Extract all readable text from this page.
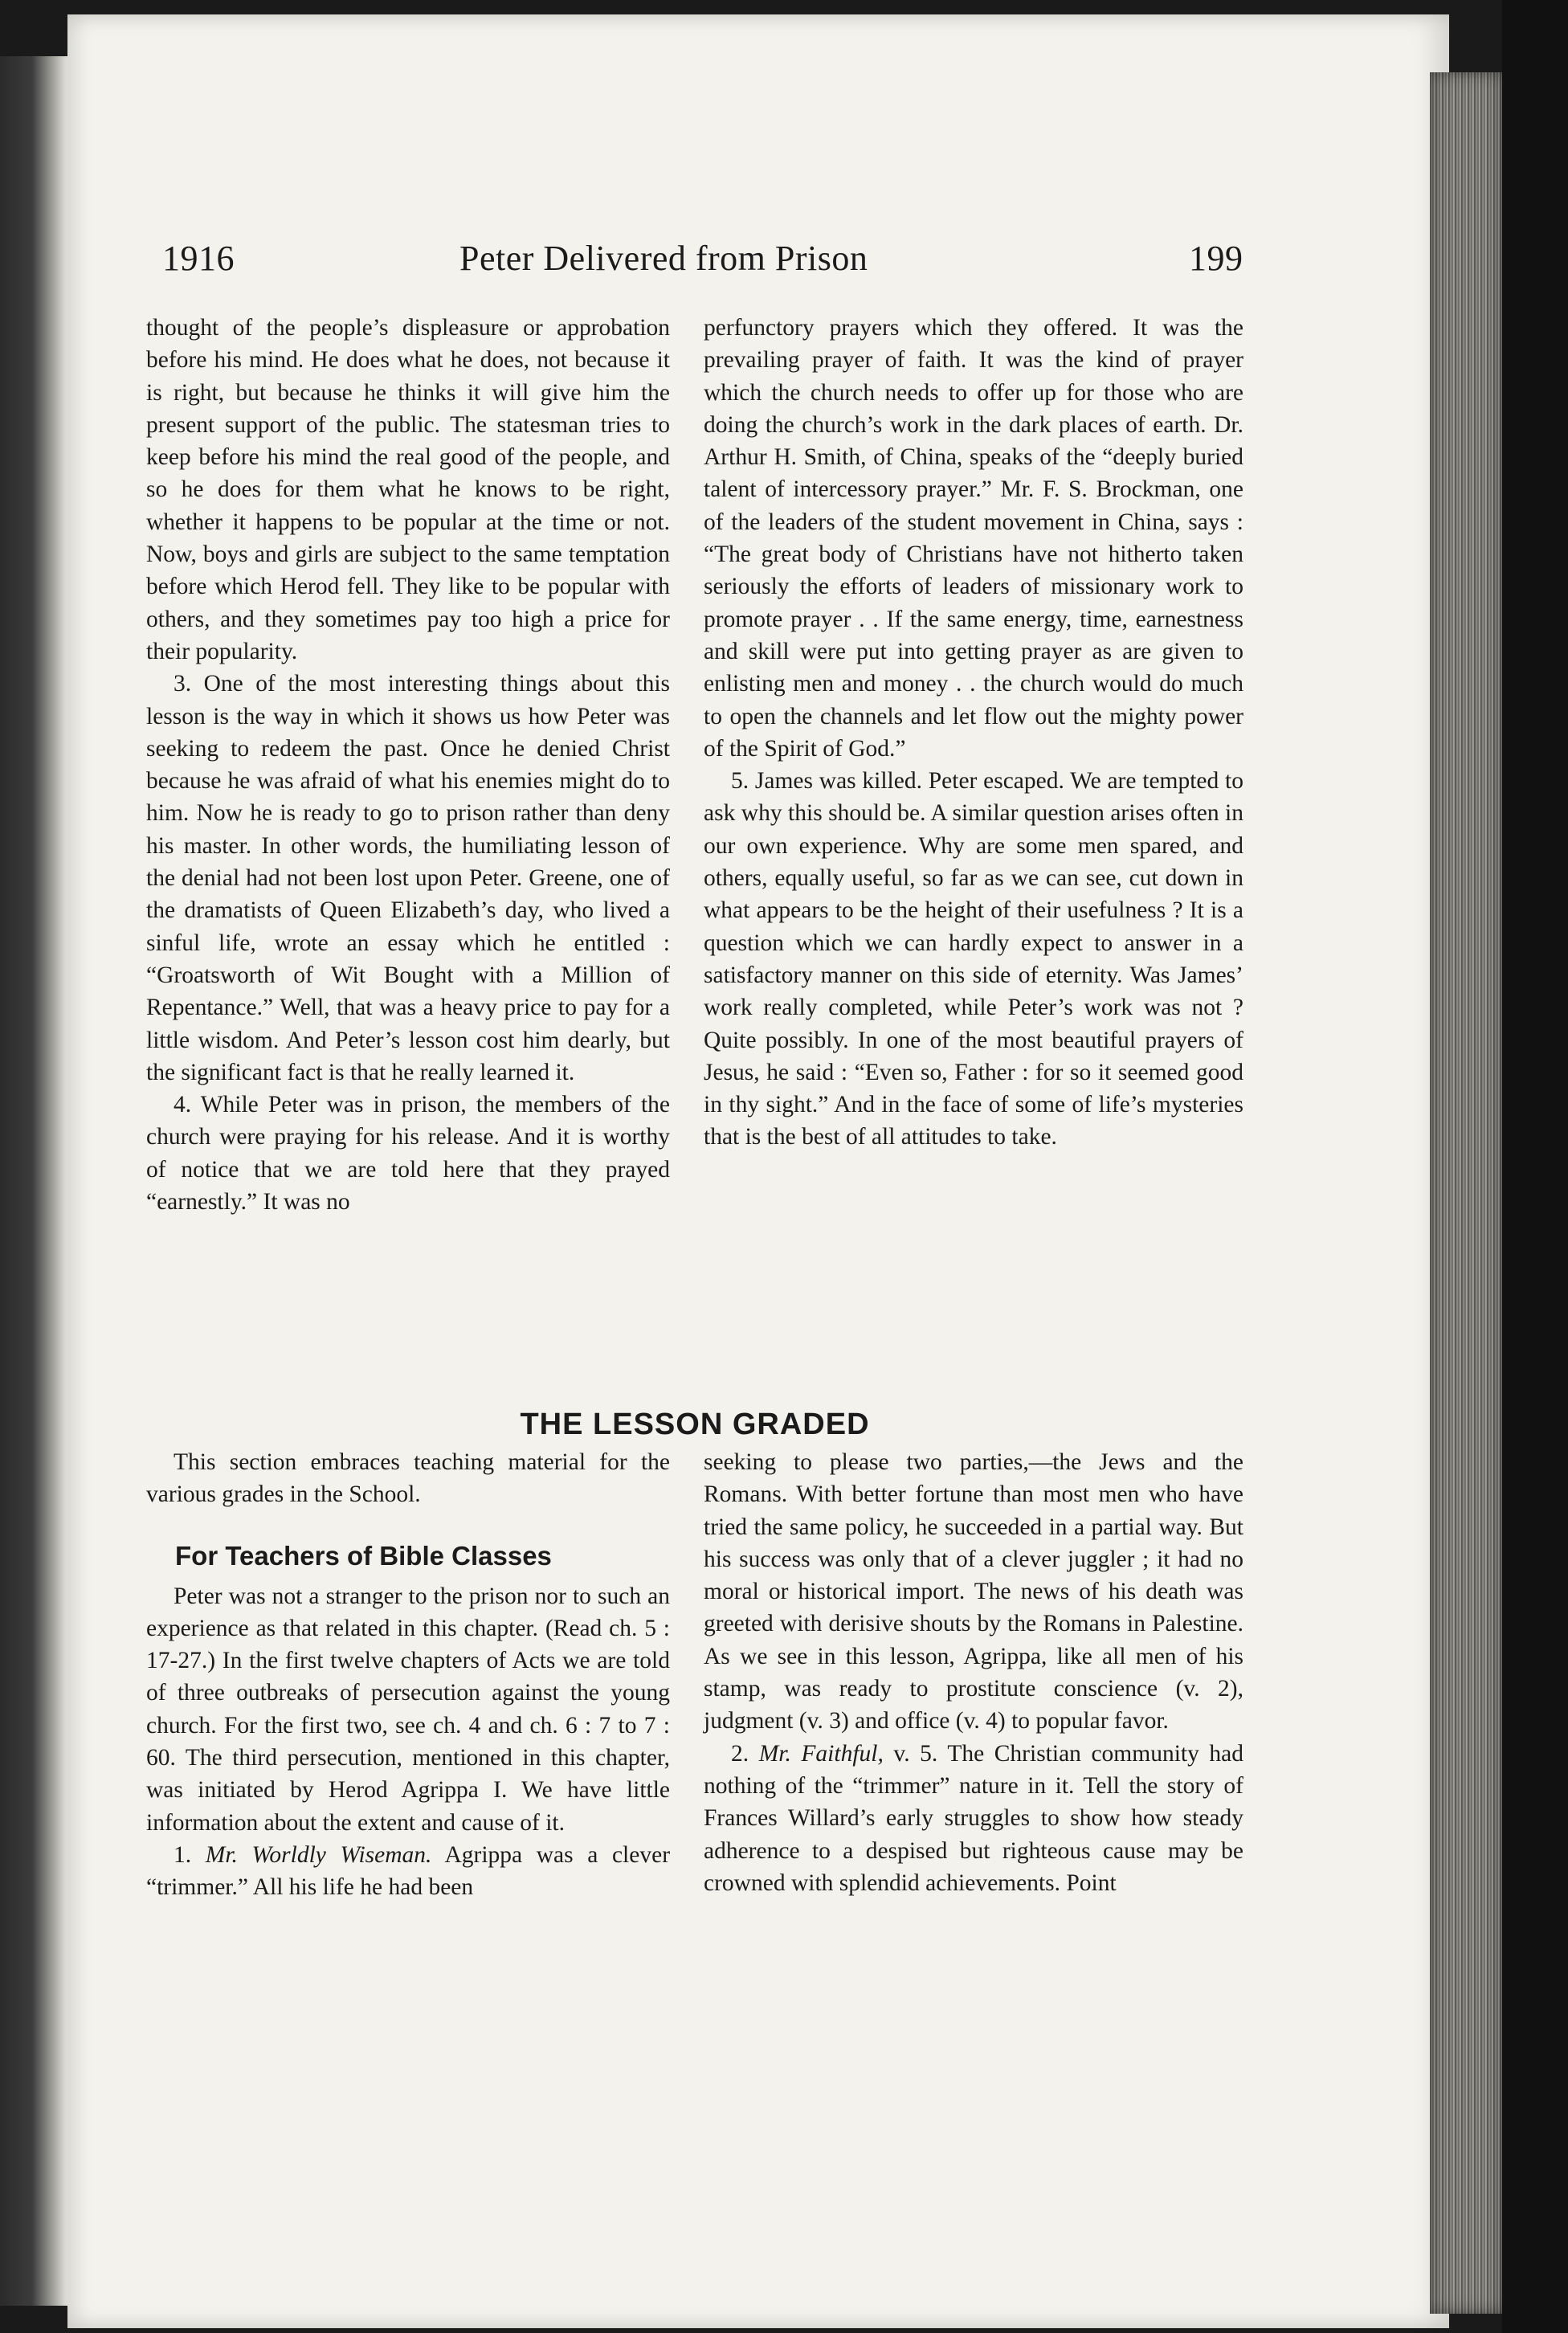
1916	Peter Delivered from Prison	199

thought of the people’s displeasure or approbation before his mind. He does what he does, not because it is right, but because he thinks it will give him the present support of the public. The statesman tries to keep before his mind the real good of the people, and so he does for them what he knows to be right, whether it happens to be popular at the time or not. Now, boys and girls are subject to the same temptation before which Herod fell. They like to be popular with others, and they sometimes pay too high a price for their popularity.

3. One of the most interesting things about this lesson is the way in which it shows us how Peter was seeking to redeem the past. Once he denied Christ because he was afraid of what his enemies might do to him. Now he is ready to go to prison rather than deny his master. In other words, the humiliating lesson of the denial had not been lost upon Peter. Greene, one of the dramatists of Queen Elizabeth’s day, who lived a sinful life, wrote an essay which he entitled : “Groatsworth of Wit Bought with a Million of Repentance.” Well, that was a heavy price to pay for a little wisdom. And Peter’s lesson cost him dearly, but the significant fact is that he really learned it.

4. While Peter was in prison, the members of the church were praying for his release. And it is worthy of notice that we are told here that they prayed “earnestly.” It was no

perfunctory prayers which they offered. It was the prevailing prayer of faith. It was the kind of prayer which the church needs to offer up for those who are doing the church’s work in the dark places of earth. Dr. Arthur H. Smith, of China, speaks of the “deeply buried talent of intercessory prayer.” Mr. F. S. Brockman, one of the leaders of the student movement in China, says : “The great body of Christians have not hitherto taken seriously the efforts of leaders of missionary work to promote prayer . . If the same energy, time, earnestness and skill were put into getting prayer as are given to enlisting men and money . . the church would do much to open the channels and let flow out the mighty power of the Spirit of God.”

5. James was killed. Peter escaped. We are tempted to ask why this should be. A similar question arises often in our own experience. Why are some men spared, and others, equally useful, so far as we can see, cut down in what appears to be the height of their usefulness ? It is a question which we can hardly expect to answer in a satisfactory manner on this side of eternity. Was James’ work really completed, while Peter’s work was not ? Quite possibly. In one of the most beautiful prayers of Jesus, he said : “Even so, Father : for so it seemed good in thy sight.” And in the face of some of life’s mysteries that is the best of all attitudes to take.

THE LESSON GRADED

This section embraces teaching material for the various grades in the School.

For Teachers of Bible Classes

Peter was not a stranger to the prison nor to such an experience as that related in this chapter. (Read ch. 5 : 17-27.) In the first twelve chapters of Acts we are told of three outbreaks of persecution against the young church. For the first two, see ch. 4 and ch. 6 : 7 to 7 : 60. The third persecution, mentioned in this chapter, was initiated by Herod Agrippa I. We have little information about the extent and cause of it.

1. Mr. Worldly Wiseman. Agrippa was a clever “trimmer.” All his life he had been

seeking to please two parties,—the Jews and the Romans. With better fortune than most men who have tried the same policy, he succeeded in a partial way. But his success was only that of a clever juggler ; it had no moral or historical import. The news of his death was greeted with derisive shouts by the Romans in Palestine. As we see in this lesson, Agrippa, like all men of his stamp, was ready to prostitute conscience (v. 2), judgment (v. 3) and office (v. 4) to popular favor.

2. Mr. Faithful, v. 5. The Christian community had nothing of the “trimmer” nature in it. Tell the story of Frances Willard’s early struggles to show how steady adherence to a despised but righteous cause may be crowned with splendid achievements. Point
